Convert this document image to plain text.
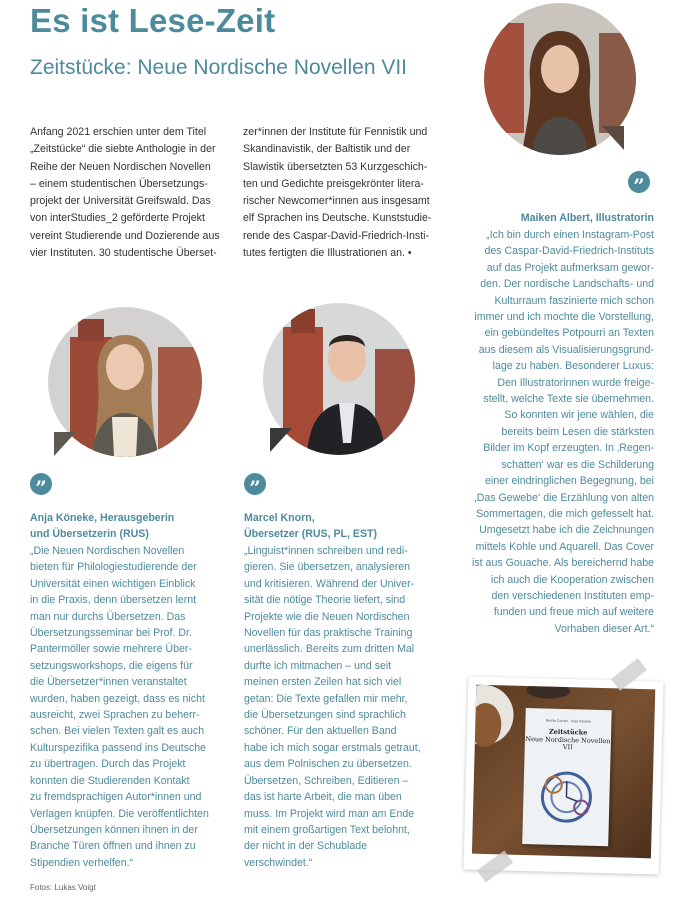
Es ist Lese-Zeit
Zeitstücke: Neue Nordische Novellen VII
Anfang 2021 erschien unter dem Titel
„Zeitstücke“ die siebte Anthologie in der
Reihe der Neuen Nordischen Novellen
– einem studentischen Übersetzungs-
projekt der Universität Greifswald. Das
von interStudies_2 geförderte Projekt
vereint Studierende und Dozierende aus
vier Instituten. 30 studentische Überset-
zer*innen der Institute für Fennistik und
Skandinavistik, der Baltistik und der
Slawistik übersetzten 53 Kurzgeschich-
ten und Gedichte preisgekrönter litera-
rischer Newcomer*innen aus insgesamt
elf Sprachen ins Deutsche. Kunststudie-
rende des Caspar-David-Friedrich-Insti-
tutes fertigten die Illustrationen an. •
”
”	”
Maiken Albert, Illustratorin
„Ich bin durch einen Instagram-Post
des Caspar-David-Friedrich-Instituts
auf das Projekt aufmerksam gewor-
den. Der nordische Landschafts- und
Kulturraum faszinierte mich schon
immer und ich mochte die Vorstellung,
ein gebündeltes Potpourri an Texten
aus diesem als Visualisierungsgrund-
lage zu haben. Besonderer Luxus:
Den Illustratorinnen wurde freige-
stellt, welche Texte sie übernehmen.
So konnten wir jene wählen, die
bereits beim Lesen die stärksten
Bilder im Kopf erzeugten. In ‚Regen-
schatten‘ war es die Schilderung
einer eindringlichen Begegnung, bei
‚Das Gewebe‘ die Erzählung von alten
Sommertagen, die mich gefesselt hat.
Umgesetzt habe ich die Zeichnungen
mittels Kohle und Aquarell. Das Cover
ist aus Gouache. Als bereichernd habe
ich auch die Kooperation zwischen
den verschiedenen Instituten emp-
funden und freue mich auf weitere
Vorhaben dieser Art.“
Anja Köneke, Herausgeberin
und Übersetzerin (RUS)
„Die Neuen Nordischen Novellen
bieten für Philologiestudierende der
Universität einen wichtigen Einblick
in die Praxis, denn übersetzen lernt
man nur durchs Übersetzen. Das
Übersetzungsseminar bei Prof. Dr.
Pantermöller sowie mehrere Über-
setzungsworkshops, die eigens für
die Übersetzer*innen veranstaltet
wurden, haben gezeigt, dass es nicht
ausreicht, zwei Sprachen zu beherr-
schen. Bei vielen Texten galt es auch
Kulturspezifika passend ins Deutsche
zu übertragen. Durch das Projekt
konnten die Studierenden Kontakt
zu fremdsprachigen Autor*innen und
Verlagen knüpfen. Die veröffentlichten
Übersetzungen können ihnen in der
Branche Türen öffnen und ihnen zu
Stipendien verhelfen.“
Marcel Knorn,
Übersetzer (RUS, PL, EST)
„Linguist*innen schreiben und redi-
gieren. Sie übersetzen, analysieren
und kritisieren. Während der Univer-
sität die nötige Theorie liefert, sind
Projekte wie die Neuen Nordischen
Novellen für das praktische Training
unerlässlich. Bereits zum dritten Mal
durfte ich mitmachen – und seit
meinen ersten Zeilen hat sich viel
getan: Die Texte gefallen mir mehr,
die Übersetzungen sind sprachlich
schöner. Für den aktuellen Band
habe ich mich sogar erstmals getraut,
aus dem Polnischen zu übersetzen.
Übersetzen, Schreiben, Editieren –
das ist harte Arbeit, die man üben
muss. Im Projekt wird man am Ende
mit einem großartigen Text belohnt,
der nicht in der Schublade
verschwindet.“
Benita Cordes · Anja Köneke
Zeitstücke
Neue Nordische Novellen VII
Fotos: Lukas Voigt
